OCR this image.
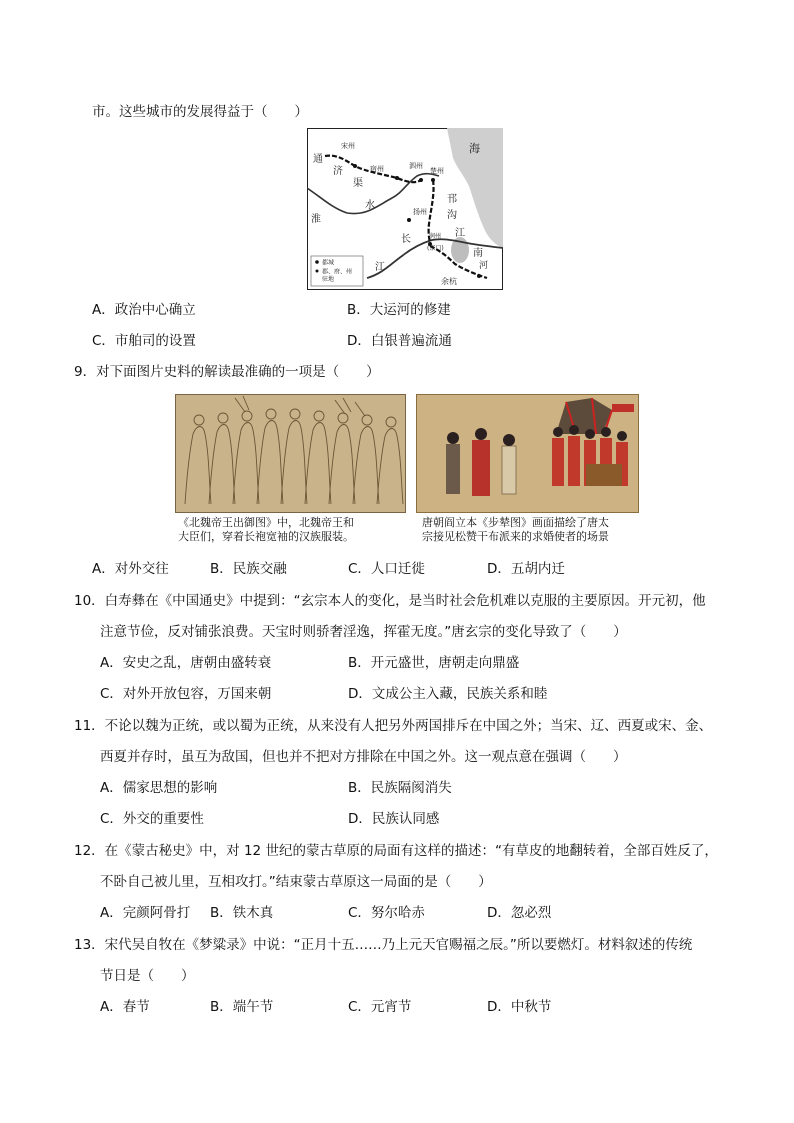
市。这些城市的发展得益于（　　）
宋州
通
济
渠
宿州	泗州
楚州
海
邗
沟
淮
水
扬州
长
江
润州
(京口)
江
南
余杭
河
都城
郡、府、州
驻地
A．政治中心确立	B．大运河的修建
C．市舶司的设置	D．白银普遍流通
9．对下面图片史料的解读最准确的一项是（　　）
《北魏帝王出御图》中，北魏帝王和
大臣们，穿着长袍宽袖的汉族服装。
唐朝阎立本《步辇图》画面描绘了唐太
宗接见松赞干布派来的求婚使者的场景
A．对外交往	B．民族交融	C．人口迁徙	D．五胡内迁
10．白寿彝在《中国通史》中提到：“玄宗本人的变化，是当时社会危机难以克服的主要原因。开元初，他
注意节俭，反对铺张浪费。天宝时则骄奢淫逸，挥霍无度。”唐玄宗的变化导致了（　　）
A．安史之乱，唐朝由盛转衰	B．开元盛世，唐朝走向鼎盛
C．对外开放包容，万国来朝	D．文成公主入藏，民族关系和睦
11．不论以魏为正统，或以蜀为正统，从来没有人把另外两国排斥在中国之外；当宋、辽、西夏或宋、金、
西夏并存时，虽互为敌国，但也并不把对方排除在中国之外。这一观点意在强调（　　）
A．儒家思想的影响	B．民族隔阂消失
C．外交的重要性	D．民族认同感
12．在《蒙古秘史》中，对 12 世纪的蒙古草原的局面有这样的描述：“有草皮的地翻转着，全部百姓反了，
不卧自己被儿里，互相攻打。”结束蒙古草原这一局面的是（　　）
A．完颜阿骨打 B．铁木真	C．努尔哈赤	D．忽必烈
13．宋代吴自牧在《梦粱录》中说：“正月十五……乃上元天官赐福之辰。”所以要燃灯。材料叙述的传统
节日是（　　）
A．春节	B．端午节	C．元宵节	D．中秋节
